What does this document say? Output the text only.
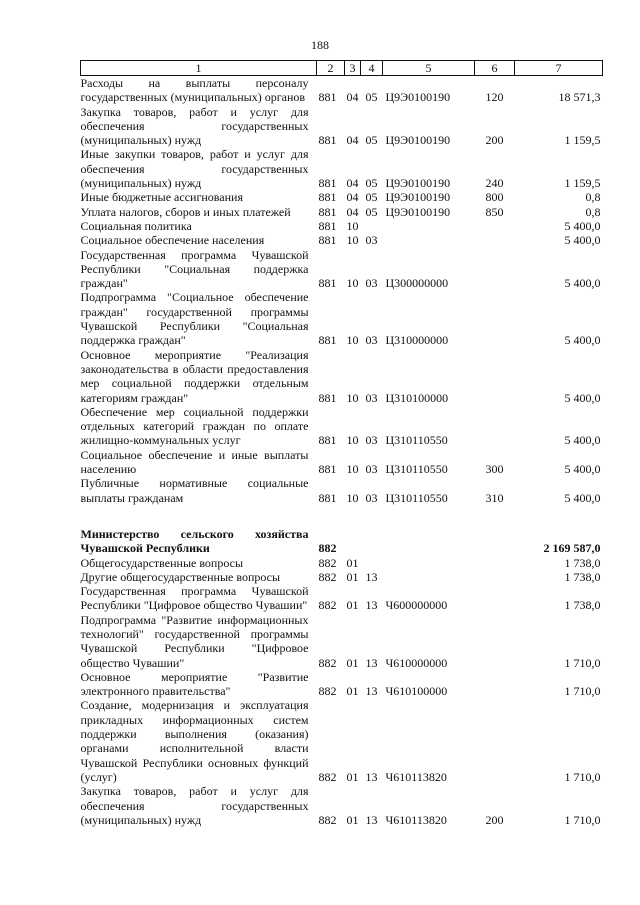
188
1	2	3	4	5	6	7
Расходы на выплаты персоналу государственных (муниципальных) органов	881	04	05	Ц9Э0100190	120	18 571,3
Закупка товаров, работ и услуг для обеспечения государственных (муниципальных) нужд	881	04	05	Ц9Э0100190	200	1 159,5
Иные закупки товаров, работ и услуг для обеспечения государственных (муниципальных) нужд	881	04	05	Ц9Э0100190	240	1 159,5
Иные бюджетные ассигнования	881	04	05	Ц9Э0100190	800	0,8
Уплата налогов, сборов и иных платежей	881	04	05	Ц9Э0100190	850	0,8
Социальная политика	881	10				5 400,0
Социальное обеспечение населения	881	10	03			5 400,0
Государственная программа Чувашской Республики "Социальная поддержка граждан"	881	10	03	Ц300000000		5 400,0
Подпрограмма "Социальное обеспечение граждан" государственной программы Чувашской Республики "Социальная поддержка граждан"	881	10	03	Ц310000000		5 400,0
Основное мероприятие "Реализация законодательства в области предоставления мер социальной поддержки отдельным категориям граждан"	881	10	03	Ц310100000		5 400,0
Обеспечение мер социальной поддержки отдельных категорий граждан по оплате жилищно-коммунальных услуг	881	10	03	Ц310110550		5 400,0
Социальное обеспечение и иные выплаты населению	881	10	03	Ц310110550	300	5 400,0
Публичные нормативные социальные выплаты гражданам	881	10	03	Ц310110550	310	5 400,0

Министерство сельского хозяйства Чувашской Республики	882					2 169 587,0
Общегосударственные вопросы	882	01				1 738,0
Другие общегосударственные вопросы	882	01	13			1 738,0
Государственная программа Чувашской Республики "Цифровое общество Чувашии"	882	01	13	Ч600000000		1 738,0
Подпрограмма "Развитие информационных технологий" государственной программы Чувашской Республики "Цифровое общество Чувашии"	882	01	13	Ч610000000		1 710,0
Основное мероприятие "Развитие электронного правительства"	882	01	13	Ч610100000		1 710,0
Создание, модернизация и эксплуатация прикладных информационных систем поддержки выполнения (оказания) органами исполнительной власти Чувашской Республики основных функций (услуг)	882	01	13	Ч610113820		1 710,0
Закупка товаров, работ и услуг для обеспечения государственных (муниципальных) нужд	882	01	13	Ч610113820	200	1 710,0
